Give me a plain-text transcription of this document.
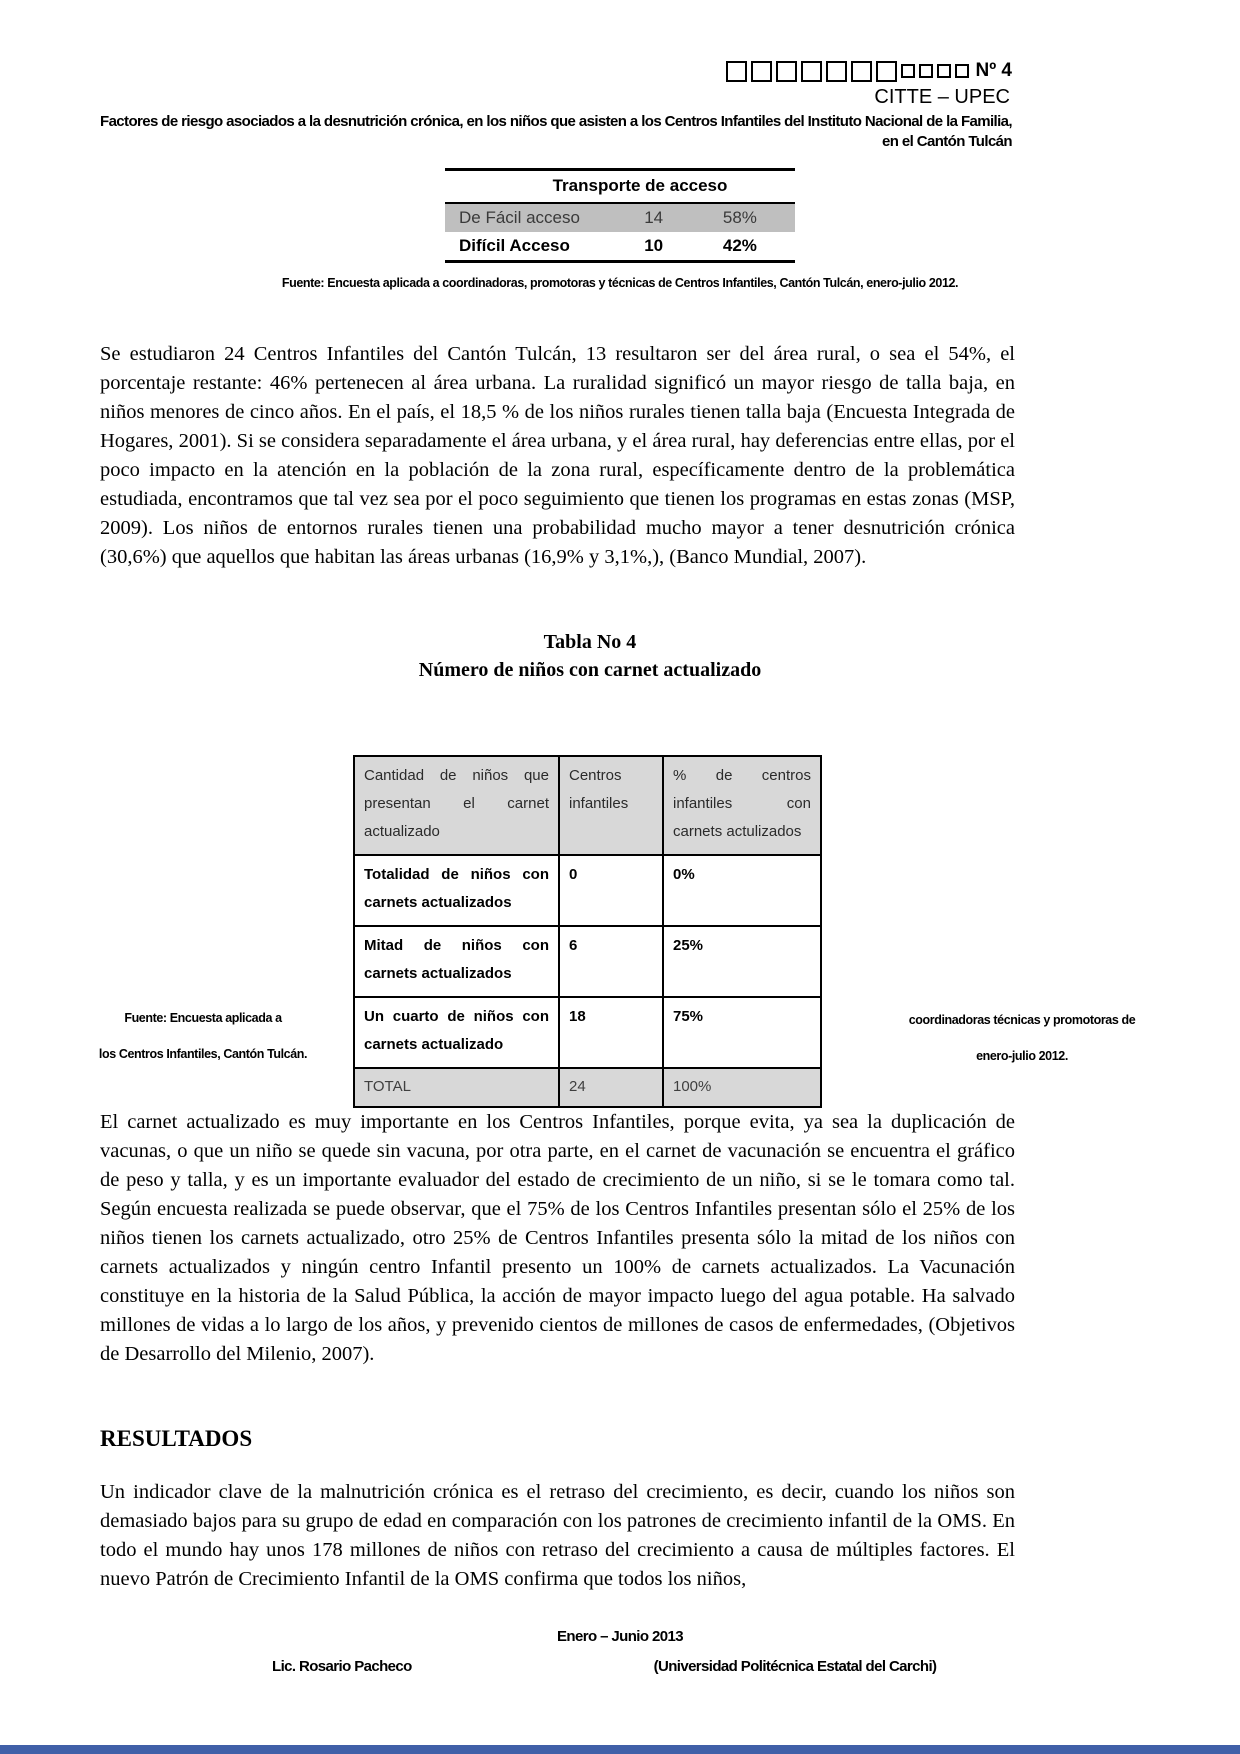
Nº 4
CITTE – UPEC
Factores de riesgo asociados a la desnutrición crónica, en los niños que asisten a los Centros Infantiles del Instituto Nacional de la Familia, en el Cantón Tulcán
Transporte de acceso		
De Fácil acceso	14	58%
Difícil Acceso	10	42%
Fuente: Encuesta aplicada a coordinadoras, promotoras y técnicas de Centros Infantiles, Cantón Tulcán, enero-julio 2012.
Se estudiaron 24 Centros Infantiles del Cantón Tulcán, 13 resultaron ser del área rural, o sea el 54%, el porcentaje restante: 46% pertenecen al área urbana. La ruralidad significó un mayor riesgo de talla baja, en niños menores de cinco años. En el país, el 18,5 % de los niños rurales tienen talla baja (Encuesta Integrada de Hogares, 2001). Si se considera separadamente el área urbana, y el área rural, hay deferencias entre ellas, por el poco impacto en la atención en la población de la zona rural, específicamente dentro de la problemática estudiada, encontramos que tal vez sea por el poco seguimiento que tienen los programas en estas zonas (MSP, 2009). Los niños de entornos rurales tienen una probabilidad mucho mayor a tener desnutrición crónica (30,6%) que aquellos que habitan las áreas urbanas (16,9% y 3,1%,), (Banco Mundial, 2007).
Tabla No 4
Número de niños con carnet actualizado
Cantidad de niños que presentan el carnet actualizado	Centros infantiles	% de centros infantiles con carnets actulizados
Totalidad de niños con carnets actualizados	0	0%
Mitad de niños con carnets actualizados	6	25%
Un cuarto de niños con carnets actualizado	18	75%
TOTAL	24	100%
Fuente: Encuesta aplicada a
los Centros Infantiles, Cantón Tulcán.
coordinadoras técnicas y promotoras de
enero-julio 2012.
El carnet actualizado es muy importante en los Centros Infantiles, porque evita, ya sea la duplicación de vacunas, o que un niño se quede sin vacuna, por otra parte, en el carnet de vacunación se encuentra el gráfico de peso y talla, y es un importante evaluador del estado de crecimiento de un niño, si se le tomara como tal. Según encuesta realizada se puede observar, que el 75% de los Centros Infantiles presentan sólo el 25% de los niños tienen los carnets actualizado, otro 25% de Centros Infantiles presenta sólo la mitad de los niños con carnets actualizados y ningún centro Infantil presento un 100% de carnets actualizados. La Vacunación constituye en la historia de la Salud Pública, la acción de mayor impacto luego del agua potable. Ha salvado millones de vidas a lo largo de los años, y prevenido cientos de millones de casos de enfermedades, (Objetivos de Desarrollo del Milenio, 2007).
RESULTADOS
Un indicador clave de la malnutrición crónica es el retraso del crecimiento, es decir, cuando los niños son demasiado bajos para su grupo de edad en comparación con los patrones de crecimiento infantil de la OMS. En todo el mundo hay unos 178 millones de niños con retraso del crecimiento a causa de múltiples factores. El nuevo Patrón de Crecimiento Infantil de la OMS confirma que todos los niños,
Enero – Junio 2013
Lic. Rosario Pacheco	(Universidad Politécnica Estatal del Carchi)
